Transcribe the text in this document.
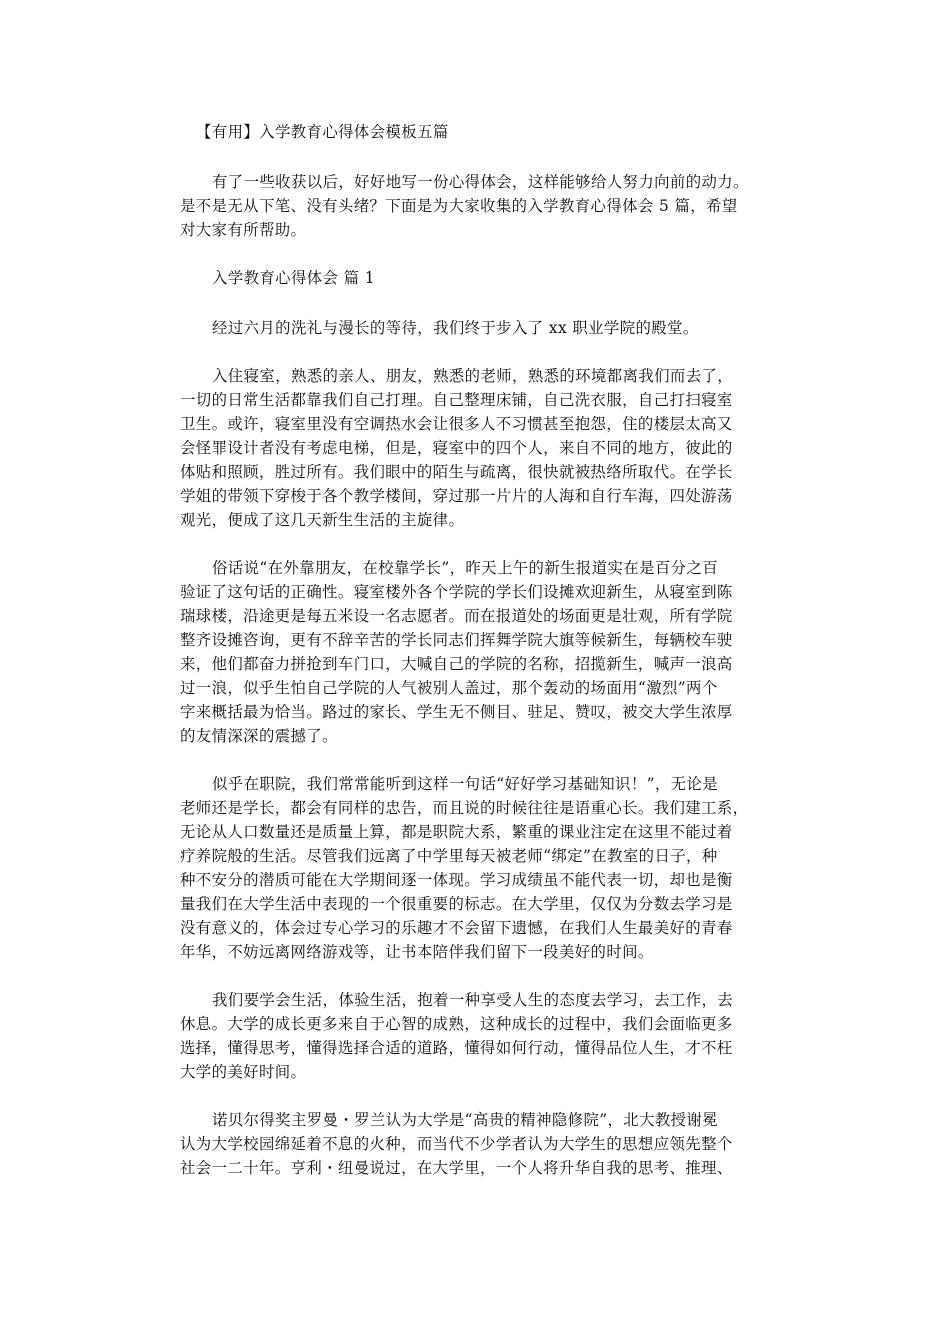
【有用】入学教育心得体会模板五篇
有了一些收获以后，好好地写一份心得体会，这样能够给人努力向前的动力。
是不是无从下笔、没有头绪？下面是为大家收集的入学教育心得体会 5 篇，希望
对大家有所帮助。
入学教育心得体会 篇 1
经过六月的洗礼与漫长的等待，我们终于步入了 xx 职业学院的殿堂。
入住寝室，熟悉的亲人、朋友，熟悉的老师，熟悉的环境都离我们而去了，
一切的日常生活都靠我们自己打理。自己整理床铺，自己洗衣服，自己打扫寝室
卫生。或许，寝室里没有空调热水会让很多人不习惯甚至抱怨，住的楼层太高又
会怪罪设计者没有考虑电梯，但是，寝室中的四个人，来自不同的地方，彼此的
体贴和照顾，胜过所有。我们眼中的陌生与疏离，很快就被热络所取代。在学长
学姐的带领下穿梭于各个教学楼间，穿过那一片片的人海和自行车海，四处游荡
观光，便成了这几天新生生活的主旋律。
俗话说“在外靠朋友，在校靠学长”，昨天上午的新生报道实在是百分之百
验证了这句话的正确性。寝室楼外各个学院的学长们设摊欢迎新生，从寝室到陈
瑞球楼，沿途更是每五米设一名志愿者。而在报道处的场面更是壮观，所有学院
整齐设摊咨询，更有不辞辛苦的学长同志们挥舞学院大旗等候新生，每辆校车驶
来，他们都奋力拼抢到车门口，大喊自己的学院的名称，招揽新生，喊声一浪高
过一浪，似乎生怕自己学院的人气被别人盖过，那个轰动的场面用“激烈”两个
字来概括最为恰当。路过的家长、学生无不侧目、驻足、赞叹，被交大学生浓厚
的友情深深的震撼了。
似乎在职院，我们常常能听到这样一句话“好好学习基础知识！”，无论是
老师还是学长，都会有同样的忠告，而且说的时候往往是语重心长。我们建工系，
无论从人口数量还是质量上算，都是职院大系，繁重的课业注定在这里不能过着
疗养院般的生活。尽管我们远离了中学里每天被老师“绑定”在教室的日子，种
种不安分的潜质可能在大学期间逐一体现。学习成绩虽不能代表一切，却也是衡
量我们在大学生活中表现的一个很重要的标志。在大学里，仅仅为分数去学习是
没有意义的，体会过专心学习的乐趣才不会留下遗憾，在我们人生最美好的青春
年华，不妨远离网络游戏等，让书本陪伴我们留下一段美好的时间。
我们要学会生活，体验生活，抱着一种享受人生的态度去学习，去工作，去
休息。大学的成长更多来自于心智的成熟，这种成长的过程中，我们会面临更多
选择，懂得思考，懂得选择合适的道路，懂得如何行动，懂得品位人生，才不枉
大学的美好时间。
诺贝尔得奖主罗曼・罗兰认为大学是“高贵的精神隐修院”，北大教授谢冕
认为大学校园绵延着不息的火种，而当代不少学者认为大学生的思想应领先整个
社会一二十年。亨利・纽曼说过，在大学里，一个人将升华自我的思考、推理、
